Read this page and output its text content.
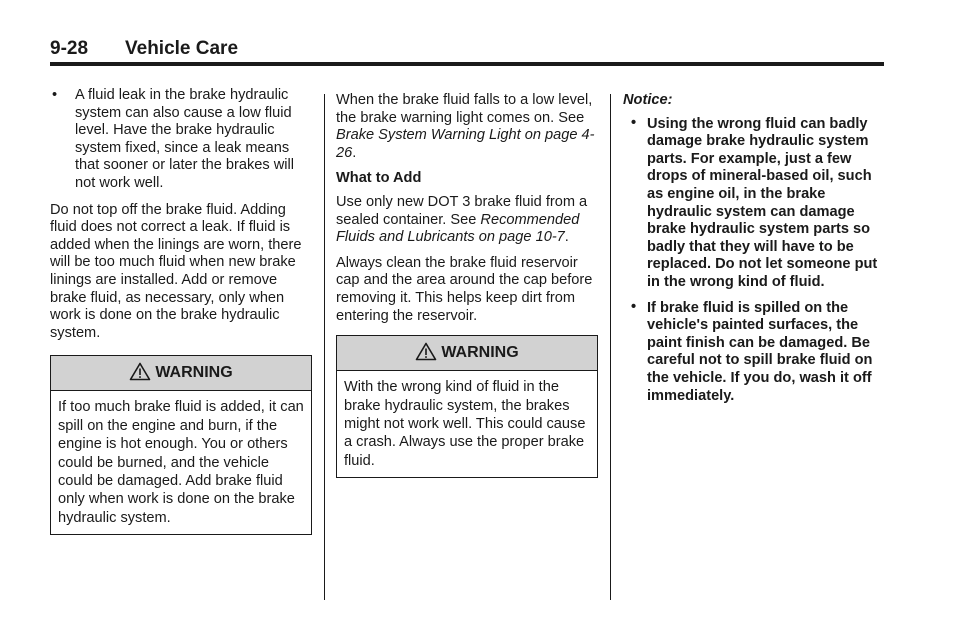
9-28 Vehicle Care
• A fluid leak in the brake hydraulic system can also cause a low fluid level. Have the brake hydraulic system fixed, since a leak means that sooner or later the brakes will not work well.

Do not top off the brake fluid. Adding fluid does not correct a leak. If fluid is added when the linings are worn, there will be too much fluid when new brake linings are installed. Add or remove brake fluid, as necessary, only when work is done on the brake hydraulic system.

WARNING
If too much brake fluid is added, it can spill on the engine and burn, if the engine is hot enough. You or others could be burned, and the vehicle could be damaged. Add brake fluid only when work is done on the brake hydraulic system.

When the brake fluid falls to a low level, the brake warning light comes on. See Brake System Warning Light on page 4-26.

What to Add

Use only new DOT 3 brake fluid from a sealed container. See Recommended Fluids and Lubricants on page 10-7.

Always clean the brake fluid reservoir cap and the area around the cap before removing it. This helps keep dirt from entering the reservoir.

WARNING
With the wrong kind of fluid in the brake hydraulic system, the brakes might not work well. This could cause a crash. Always use the proper brake fluid.
Notice:
• Using the wrong fluid can badly damage brake hydraulic system parts. For example, just a few drops of mineral-based oil, such as engine oil, in the brake hydraulic system can damage brake hydraulic system parts so badly that they will have to be replaced. Do not let someone put in the wrong kind of fluid.
• If brake fluid is spilled on the vehicle's painted surfaces, the paint finish can be damaged. Be careful not to spill brake fluid on the vehicle. If you do, wash it off immediately.
